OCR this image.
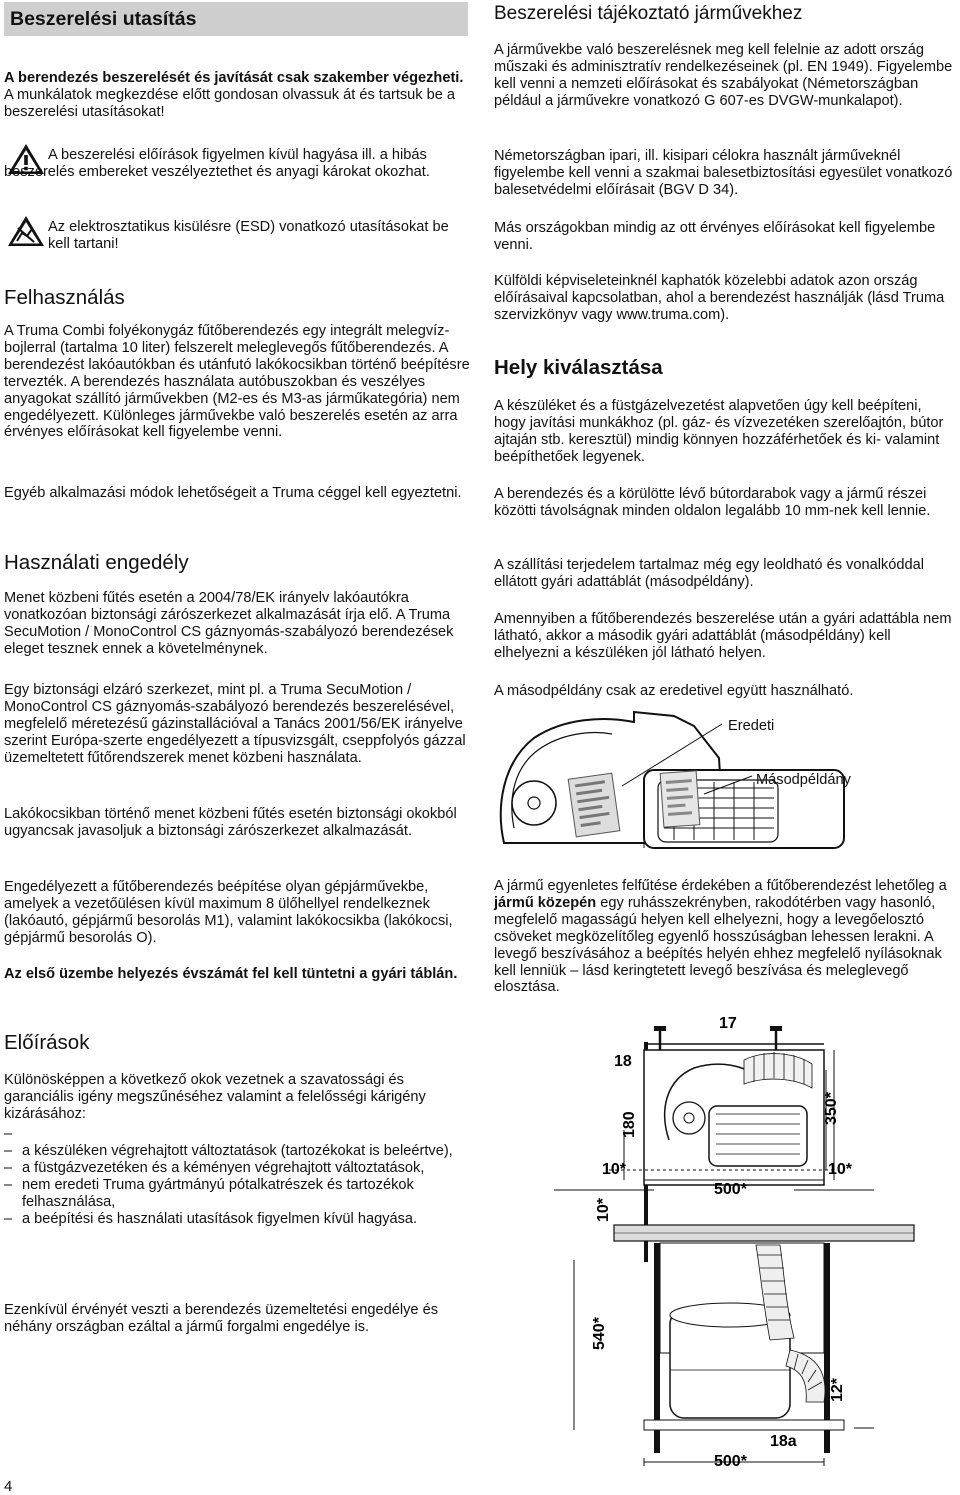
Beszerelési utasítás

A berendezés beszerelését és javítását csak szakember végezheti. A munkálatok megkezdése előtt gondosan olvassuk át és tartsuk be a beszerelési utasításokat!

A beszerelési előírások figyelmen kívül hagyása ill. a hibás beszerelés embereket veszélyeztethet és anyagi károkat okozhat.

Az elektrosztatikus kisülésre (ESD) vonatkozó utasításokat be kell tartani!

Felhasználás

A Truma Combi folyékonygáz fűtőberendezés egy integrált melegvíz-bojlerral (tartalma 10 liter) felszerelt meleglevegős fűtőberendezés. A berendezést lakóautókban és utánfutó lakókocsikban történő beépítésre tervezték. A berendezés használata autóbuszokban és veszélyes anyagokat szállító járművekben (M2-es és M3-as járműkategória) nem engedélyezett. Különleges járművekbe való beszerelés esetén az arra érvényes előírásokat kell figyelembe venni.

Egyéb alkalmazási módok lehetőségeit a Truma céggel kell egyeztetni.

Használati engedély

Menet közbeni fűtés esetén a 2004/78/EK irányelv lakóautókra vonatkozóan biztonsági zárószerkezet alkalmazását írja elő. A Truma SecuMotion / MonoControl CS gáznyomás-szabályozó berendezések eleget tesznek ennek a követelménynek.

Egy biztonsági elzáró szerkezet, mint pl. a Truma SecuMotion / MonoControl CS gáznyomás-szabályozó berendezés beszerelésével, megfelelő méretezésű gázinstallációval a Tanács 2001/56/EK irányelve szerint Európa-szerte engedélyezett a típusvizsgált, cseppfolyós gázzal üzemeltetett fűtőrendszerek menet közbeni használata.

Lakókocsikban történő menet közbeni fűtés esetén biztonsági okokból ugyancsak javasoljuk a biztonsági zárószerkezet alkalmazását.

Engedélyezett a fűtőberendezés beépítése olyan gépjárművekbe, amelyek a vezetőülésen kívül maximum 8 ülőhellyel rendelkeznek (lakóautó, gépjármű besorolás M1), valamint lakókocsikba (lakókocsi, gépjármű besorolás O).

Az első üzembe helyezés évszámát fel kell tüntetni a gyári táblán.

Előírások

Különösképpen a következő okok vezetnek a szavatossági és garanciális igény megszűnéséhez valamint a felelősségi kárigény kizárásához:

–
– a készüléken végrehajtott változtatások (tartozékokat is beleértve),
– a füstgázvezetéken és a kéményen végrehajtott változtatások,
– nem eredeti Truma gyártmányú pótalkatrészek és tartozékok felhasználása,
– a beépítési és használati utasítások figyelmen kívül hagyása.

Ezenkívül érvényét veszti a berendezés üzemeltetési engedélye és néhány országban ezáltal a jármű forgalmi engedélye is.

Beszerelési tájékoztató járművekhez

A járművekbe való beszerelésnek meg kell felelnie az adott ország műszaki és adminisztratív rendelkezéseinek (pl. EN 1949). Figyelembe kell venni a nemzeti előírásokat és szabályokat (Németországban például a járművekre vonatkozó G 607-es DVGW-munkalapot).

Németországban ipari, ill. kisipari célokra használt járműveknél figyelembe kell venni a szakmai balesetbiztosítási egyesület vonatkozó balesetvédelmi előírásait (BGV D 34).

Más országokban mindig az ott érvényes előírásokat kell figyelembe venni.

Külföldi képviseleteinknél kaphatók közelebbi adatok azon ország előírásaival kapcsolatban, ahol a berendezést használják (lásd Truma szervizkönyv vagy www.truma.com).

Hely kiválasztása

A készüléket és a füstgázelvezetést alapvetően úgy kell beépíteni, hogy javítási munkákhoz (pl. gáz- és vízvezetéken szerelőajtón, bútor ajtaján stb. keresztül) mindig könnyen hozzáférhetőek és ki- valamint beépíthetőek legyenek.

A berendezés és a körülötte lévő bútordarabok vagy a jármű részei közötti távolságnak minden oldalon legalább 10 mm-nek kell lennie.

A szállítási terjedelem tartalmaz még egy leoldható és vonalkóddal ellátott gyári adattáblát (másodpéldány).

Amennyiben a fűtőberendezés beszerelése után a gyári adattábla nem látható, akkor a második gyári adattáblát (másodpéldány) kell elhelyezni a készüléken jól látható helyen.

A másodpéldány csak az eredetivel együtt használható.

Eredeti
Másodpéldány

A jármű egyenletes felfűtése érdekében a fűtőberendezést lehetőleg a jármű közepén egy ruhásszekrényben, rakodótérben vagy hasonló, megfelelő magasságú helyen kell elhelyezni, hogy a levegőelosztó csöveket megközelítőleg egyenlő hosszúságban lehessen lerakni. A levegő beszívásához a beépítés helyén ehhez megfelelő nyílásoknak kell lenniük – lásd keringtetett levegő beszívása és meleglevegő elosztása.

17
18
180	350*
10*	10*
500*
10*
540*
12*
18a
500*
4
